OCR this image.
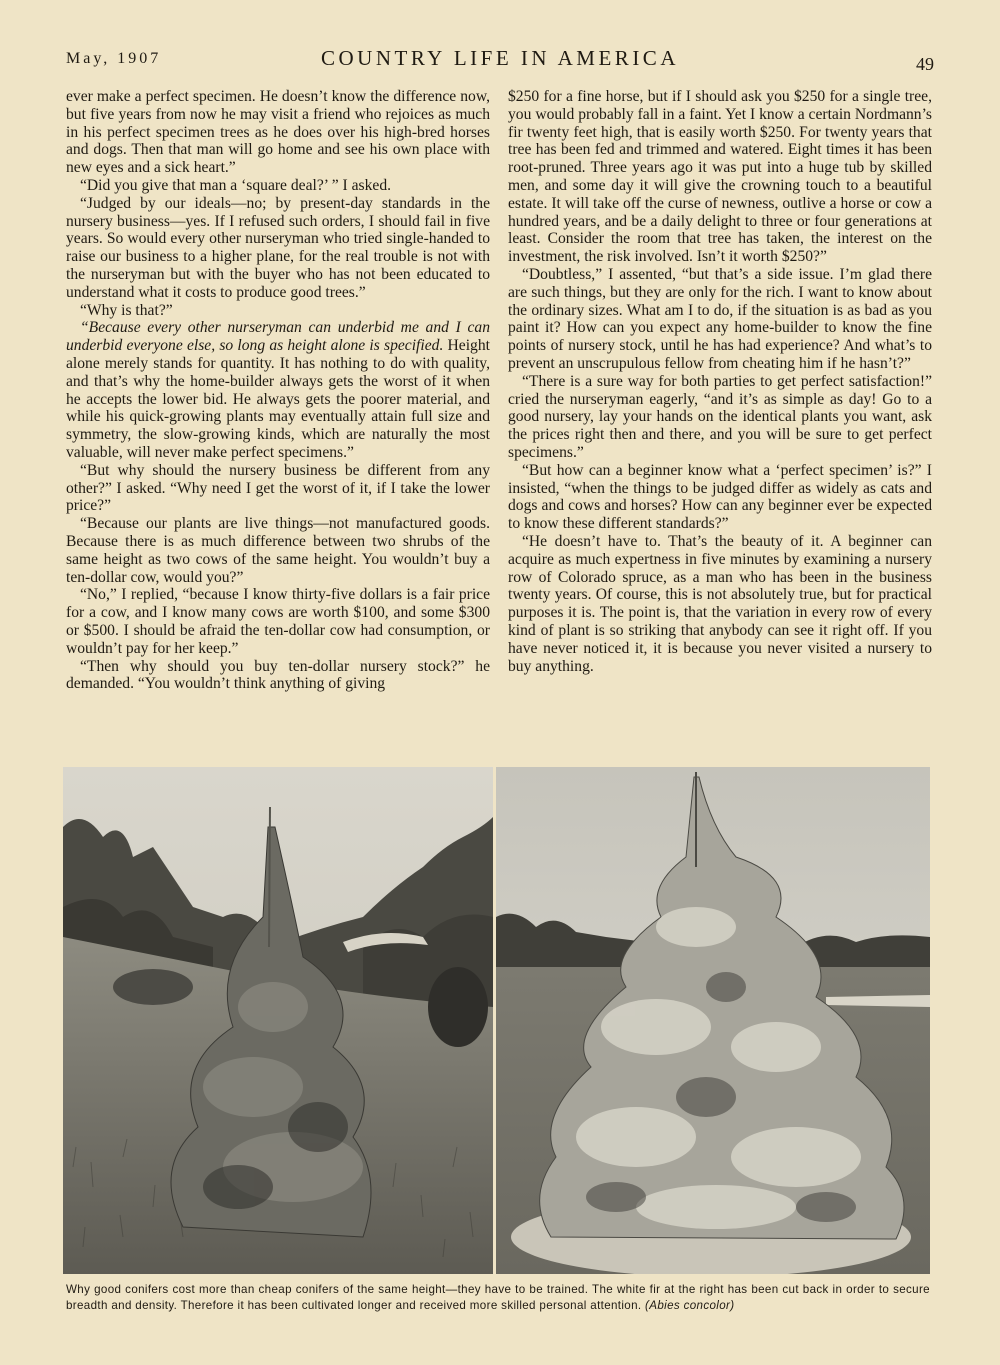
May, 1907	COUNTRY LIFE IN AMERICA	49

ever make a perfect specimen. He doesn’t know the difference now, but five years from now he may visit a friend who rejoices as much in his perfect specimen trees as he does over his high-bred horses and dogs. Then that man will go home and see his own place with new eyes and a sick heart.”

“Did you give that man a ‘square deal?’ ” I asked.

“Judged by our ideals—no; by present-day standards in the nursery business—yes. If I refused such orders, I should fail in five years. So would every other nurseryman who tried single-handed to raise our business to a higher plane, for the real trouble is not with the nurseryman but with the buyer who has not been educated to understand what it costs to produce good trees.”

“Why is that?”

“Because every other nurseryman can underbid me and I can underbid everyone else, so long as height alone is specified. Height alone merely stands for quantity. It has nothing to do with quality, and that’s why the home-builder always gets the worst of it when he accepts the lower bid. He always gets the poorer material, and while his quick-growing plants may eventually attain full size and symmetry, the slow-growing kinds, which are naturally the most valuable, will never make perfect specimens.”

“But why should the nursery business be different from any other?” I asked. “Why need I get the worst of it, if I take the lower price?”

“Because our plants are live things—not manufactured goods. Because there is as much difference between two shrubs of the same height as two cows of the same height. You wouldn’t buy a ten-dollar cow, would you?”

“No,” I replied, “because I know thirty-five dollars is a fair price for a cow, and I know many cows are worth $100, and some $300 or $500. I should be afraid the ten-dollar cow had consumption, or wouldn’t pay for her keep.”

“Then why should you buy ten-dollar nursery stock?” he demanded. “You wouldn’t think anything of giving

$250 for a fine horse, but if I should ask you $250 for a single tree, you would probably fall in a faint. Yet I know a certain Nordmann’s fir twenty feet high, that is easily worth $250. For twenty years that tree has been fed and trimmed and watered. Eight times it has been root-pruned. Three years ago it was put into a huge tub by skilled men, and some day it will give the crowning touch to a beautiful estate. It will take off the curse of newness, outlive a horse or cow a hundred years, and be a daily delight to three or four generations at least. Consider the room that tree has taken, the interest on the investment, the risk involved. Isn’t it worth $250?”

“Doubtless,” I assented, “but that’s a side issue. I’m glad there are such things, but they are only for the rich. I want to know about the ordinary sizes. What am I to do, if the situation is as bad as you paint it? How can you expect any home-builder to know the fine points of nursery stock, until he has had experience? And what’s to prevent an unscrupulous fellow from cheating him if he hasn’t?”

“There is a sure way for both parties to get perfect satisfaction!” cried the nurseryman eagerly, “and it’s as simple as day! Go to a good nursery, lay your hands on the identical plants you want, ask the prices right then and there, and you will be sure to get perfect specimens.”

“But how can a beginner know what a ‘perfect specimen’ is?” I insisted, “when the things to be judged differ as widely as cats and dogs and cows and horses? How can any beginner ever be expected to know these different standards?”

“He doesn’t have to. That’s the beauty of it. A beginner can acquire as much expertness in five minutes by examining a nursery row of Colorado spruce, as a man who has been in the business twenty years. Of course, this is not absolutely true, but for practical purposes it is. The point is, that the variation in every row of every kind of plant is so striking that anybody can see it right off. If you have never noticed it, it is because you never visited a nursery to buy anything.

Why good conifers cost more than cheap conifers of the same height—they have to be trained. The white fir at the right has been cut back in order to secure breadth and density. Therefore it has been cultivated longer and received more skilled personal attention. (Abies concolor)
